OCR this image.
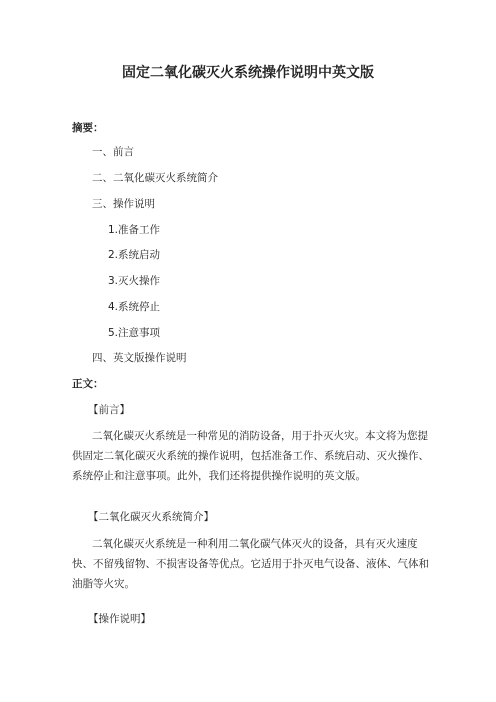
固定二氧化碳灭火系统操作说明中英文版
摘要：
一、前言
二、二氧化碳灭火系统简介
三、操作说明
1.准备工作
2.系统启动
3.灭火操作
4.系统停止
5.注意事项
四、英文版操作说明
正文：
【前言】

二氧化碳灭火系统是一种常见的消防设备，用于扑灭火灾。本文将为您提

供固定二氧化碳灭火系统的操作说明，包括准备工作、系统启动、灭火操作、

系统停止和注意事项。此外，我们还将提供操作说明的英文版。

【二氧化碳灭火系统简介】

二氧化碳灭火系统是一种利用二氧化碳气体灭火的设备，具有灭火速度

快、不留残留物、不损害设备等优点。它适用于扑灭电气设备、液体、气体和

油脂等火灾。

【操作说明】
